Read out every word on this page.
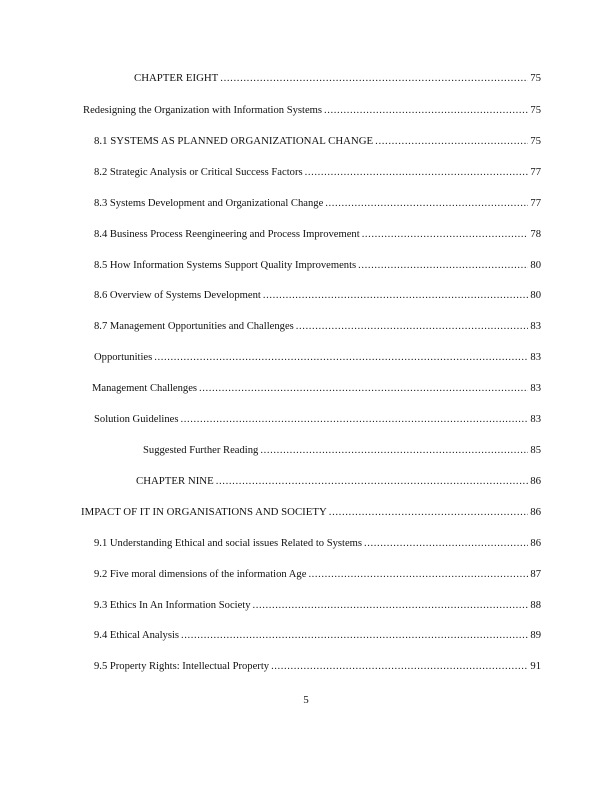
CHAPTER EIGHT .....	75
Redesigning the Organization with Information Systems .....	75
8.1 SYSTEMS AS PLANNED ORGANIZATIONAL CHANGE .....	75
8.2 Strategic Analysis or Critical Success Factors .....	77
8.3 Systems Development and Organizational Change .....	77
8.4 Business Process Reengineering and Process Improvement .....	78
8.5 How Information Systems Support Quality Improvements .....	80
8.6 Overview of Systems Development .....	80
8.7 Management Opportunities and Challenges .....	83
Opportunities .....	83
Management Challenges .....	83
Solution Guidelines .....	83
Suggested Further Reading .....	85
CHAPTER NINE .....	86
IMPACT OF IT IN ORGANISATIONS AND SOCIETY .....	86
9.1 Understanding Ethical and social issues Related to Systems .....	86
9.2 Five moral dimensions of the information Age .....	87
9.3 Ethics In An Information Society .....	88
9.4 Ethical Analysis .....	89
9.5 Property Rights: Intellectual Property .....	91
5
